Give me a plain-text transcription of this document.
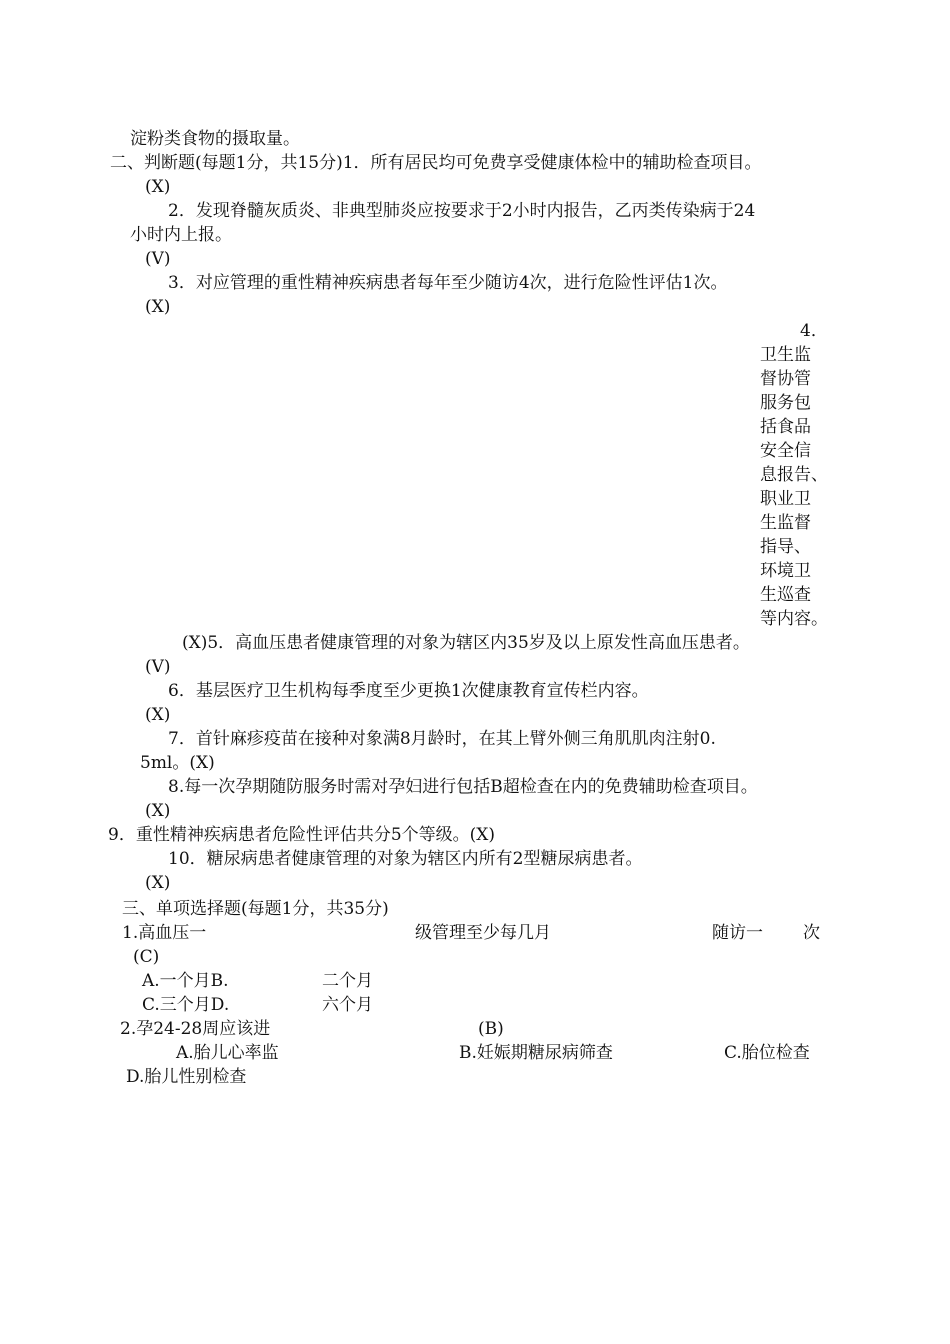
淀粉类食物的摄取量。
二、判断题(每题1分，共15分)1．所有居民均可免费享受健康体检中的辅助检查项目。
(X)
2．发现脊髓灰质炎、非典型肺炎应按要求于2小时内报告，乙丙类传染病于24
小时内上报。
(V)
3．对应管理的重性精神疾病患者每年至少随访4次，进行危险性评估1次。
(X)
4．
卫生监
督协管
服务包
括食品
安全信
息报告、
职业卫
生监督
指导、
环境卫
生巡查
等内容。
(X)5．高血压患者健康管理的对象为辖区内35岁及以上原发性高血压患者。
(V)
6．基层医疗卫生机构每季度至少更换1次健康教育宣传栏内容。
(X)
7．首针麻疹疫苗在接种对象满8月龄时，在其上臂外侧三角肌肌肉注射0.
5ml。(X)
8.每一次孕期随防服务时需对孕妇进行包括B超检查在内的免费辅助检查项目。
(X)
9．重性精神疾病患者危险性评估共分5个等级。(X)
10．糖尿病患者健康管理的对象为辖区内所有2型糖尿病患者。
(X)
三、单项选择题(每题1分，共35分)
1.高血压一	级管理至少每几月	随访一 次
(C)
A.一个月B.	二个月
C.三个月D.	六个月
2.孕24-28周应该进	(B)
A.胎儿心率监	B.妊娠期糖尿病筛查	C.胎位检查
D.胎儿性别检查
